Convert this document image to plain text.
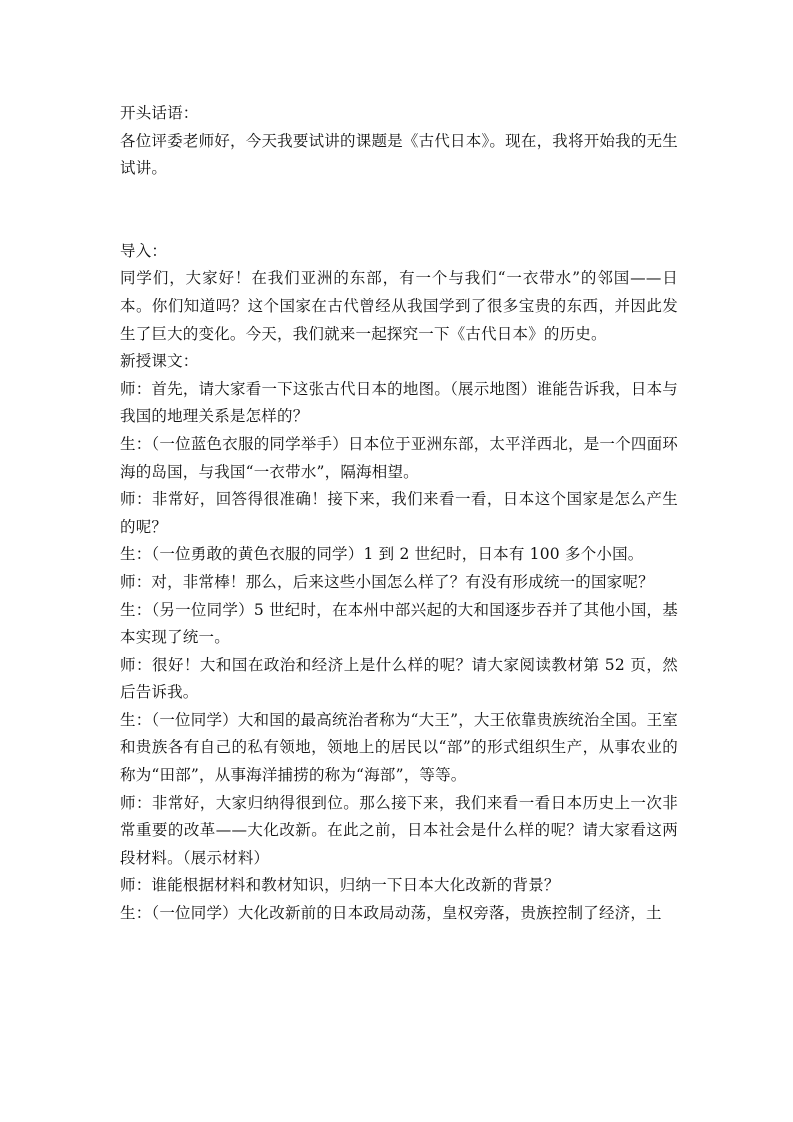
开头话语：

各位评委老师好，今天我要试讲的课题是《古代日本》。现在，我将开始我的无生试讲。

导入：

同学们，大家好！在我们亚洲的东部，有一个与我们“一衣带水”的邻国——日本。你们知道吗？这个国家在古代曾经从我国学到了很多宝贵的东西，并因此发生了巨大的变化。今天，我们就来一起探究一下《古代日本》的历史。

新授课文：

师：首先，请大家看一下这张古代日本的地图。（展示地图）谁能告诉我，日本与我国的地理关系是怎样的？

生：（一位蓝色衣服的同学举手）日本位于亚洲东部，太平洋西北，是一个四面环海的岛国，与我国“一衣带水”，隔海相望。

师：非常好，回答得很准确！接下来，我们来看一看，日本这个国家是怎么产生的呢？

生：（一位勇敢的黄色衣服的同学）1 到 2 世纪时，日本有 100 多个小国。

师：对，非常棒！那么，后来这些小国怎么样了？有没有形成统一的国家呢？

生：（另一位同学）5 世纪时，在本州中部兴起的大和国逐步吞并了其他小国，基本实现了统一。

师：很好！大和国在政治和经济上是什么样的呢？请大家阅读教材第 52 页，然后告诉我。

生：（一位同学）大和国的最高统治者称为“大王”，大王依靠贵族统治全国。王室和贵族各有自己的私有领地，领地上的居民以“部”的形式组织生产，从事农业的称为“田部”，从事海洋捕捞的称为“海部”，等等。

师：非常好，大家归纳得很到位。那么接下来，我们来看一看日本历史上一次非常重要的改革——大化改新。在此之前，日本社会是什么样的呢？请大家看这两段材料。（展示材料）

师：谁能根据材料和教材知识，归纳一下日本大化改新的背景？

生：（一位同学）大化改新前的日本政局动荡，皇权旁落，贵族控制了经济，土
